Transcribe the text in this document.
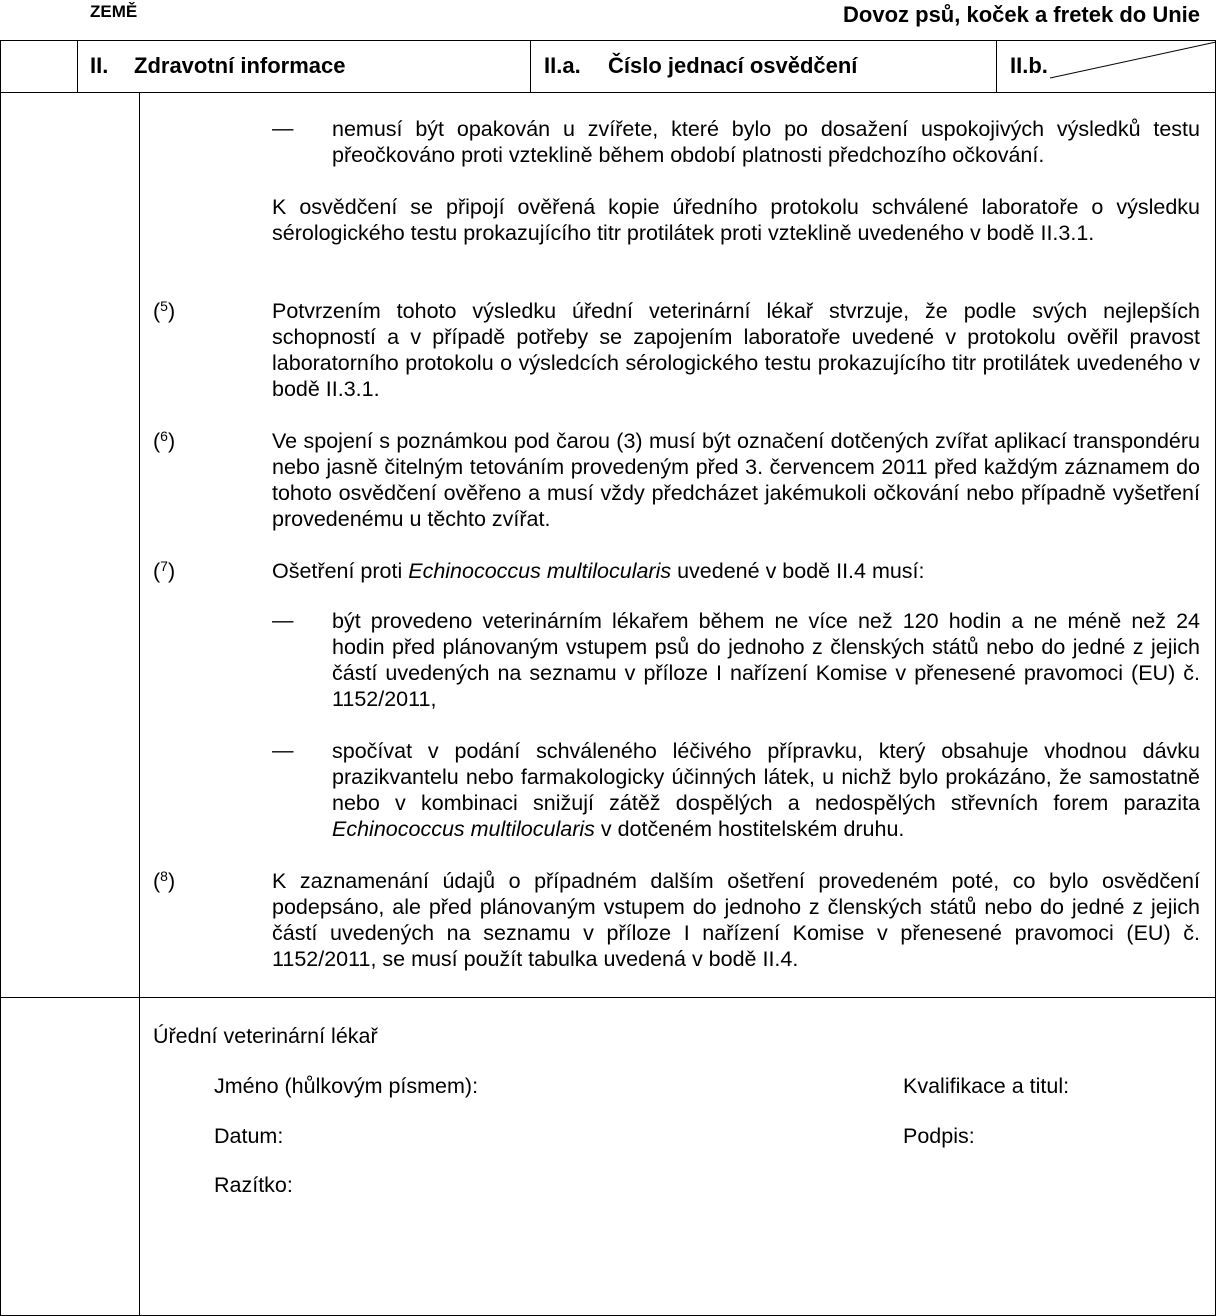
ZEMĚ	Dovoz psů, koček a fretek do Unie
II. Zdravotní informace	II.a. Číslo jednací osvědčení	II.b.
— nemusí být opakován u zvířete, které bylo po dosažení uspokojivých výsledků testu přeočkováno proti vzteklině během období platnosti předchozího očkování.
K osvědčení se připojí ověřená kopie úředního protokolu schválené laboratoře o výsledku sérologického testu prokazujícího titr protilátek proti vzteklině uvedeného v bodě II.3.1.
($^5$)	Potvrzením tohoto výsledku úřední veterinární lékař stvrzuje, že podle svých nejlepších schopností a v případě potřeby se zapojením laboratoře uvedené v protokolu ověřil pravost laboratorního protokolu o výsledcích sérologického testu prokazujícího titr protilátek uvedeného v bodě II.3.1.
($^6$)	Ve spojení s poznámkou pod čarou (3) musí být označení dotčených zvířat aplikací transpondéru nebo jasně čitelným tetováním provedeným před 3. červencem 2011 před každým záznamem do tohoto osvědčení ověřeno a musí vždy předcházet jakémukoli očkování nebo případně vyšetření provedenému u těchto zvířat.
($^7$)	Ošetření proti Echinococcus multilocularis uvedené v bodě II.4 musí:
— být provedeno veterinárním lékařem během ne více než 120 hodin a ne méně než 24 hodin před plánovaným vstupem psů do jednoho z členských států nebo do jedné z jejich částí uvedených na seznamu v příloze I nařízení Komise v přenesené pravomoci (EU) č. 1152/2011,
— spočívat v podání schváleného léčivého přípravku, který obsahuje vhodnou dávku prazikvantelu nebo farmakologicky účinných látek, u nichž bylo prokázáno, že samostatně nebo v kombinaci snižují zátěž dospělých a nedospělých střevních forem parazita Echinococcus multilocularis v dotčeném hostitelském druhu.
($^8$)	K zaznamenání údajů o případném dalším ošetření provedeném poté, co bylo osvědčení podepsáno, ale před plánovaným vstupem do jednoho z členských států nebo do jedné z jejich částí uvedených na seznamu v příloze I nařízení Komise v přenesené pravomoci (EU) č. 1152/2011, se musí použít tabulka uvedená v bodě II.4.
Úřední veterinární lékař
Jméno (hůlkovým písmem):	Kvalifikace a titul:
Datum:	Podpis:
Razítko:
